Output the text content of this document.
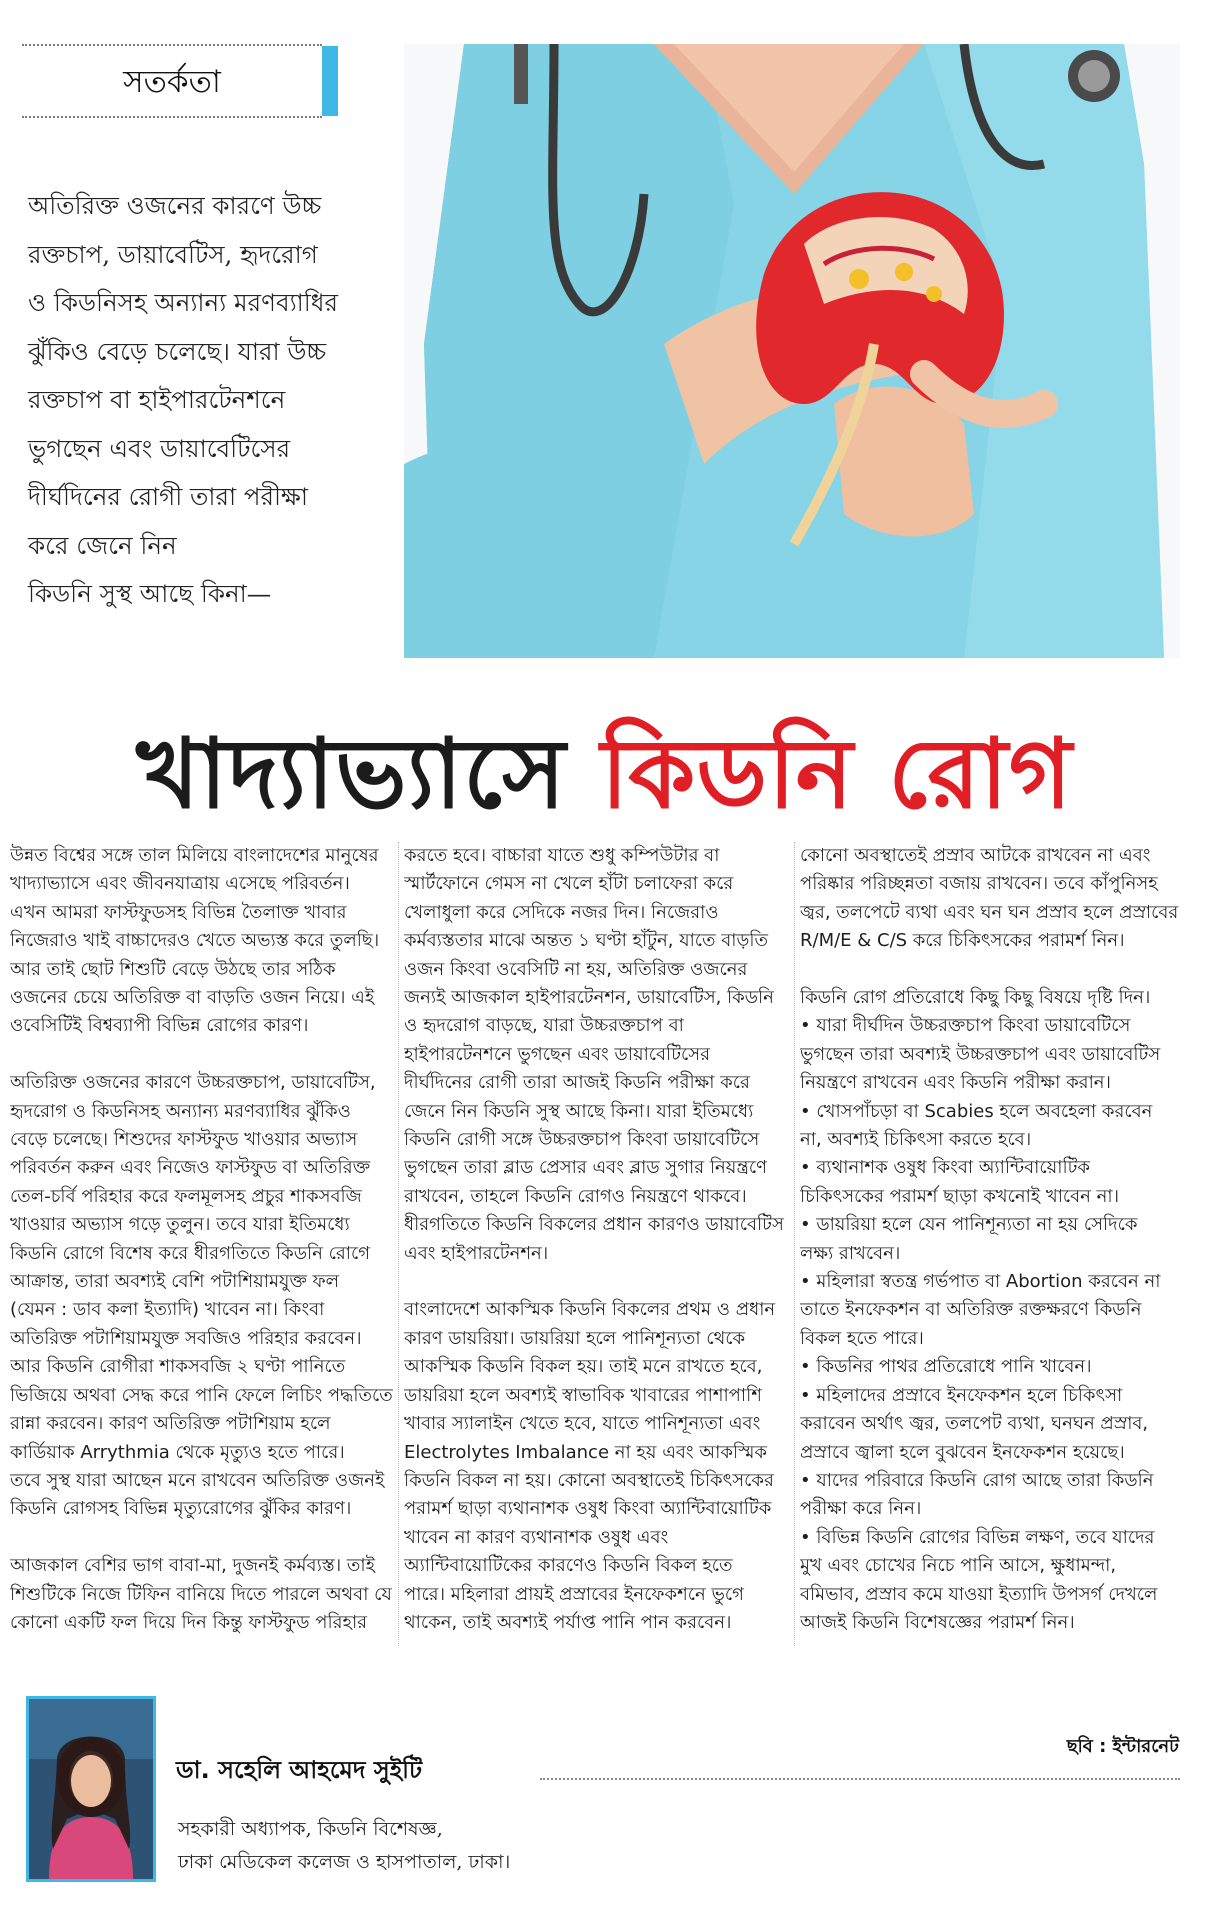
সতর্কতা
অতিরিক্ত ওজনের কারণে উচ্চ
রক্তচাপ, ডায়াবেটিস, হৃদরোগ
ও কিডনিসহ অন্যান্য মরণব্যাধির
ঝুঁকিও বেড়ে চলেছে। যারা উচ্চ
রক্তচাপ বা হাইপারটেনশনে
ভুগছেন এবং ডায়াবেটিসের
দীর্ঘদিনের রোগী তারা পরীক্ষা
করে জেনে নিন
কিডনি সুস্থ আছে কিনা—
খাদ্যাভ্যাসে কিডনি রোগ
উন্নত বিশ্বের সঙ্গে তাল মিলিয়ে বাংলাদেশের মানুষের
খাদ্যাভ্যাসে এবং জীবনযাত্রায় এসেছে পরিবর্তন।
এখন আমরা ফাস্টফুডসহ বিভিন্ন তৈলাক্ত খাবার
নিজেরাও খাই বাচ্চাদেরও খেতে অভ্যস্ত করে তুলছি।
আর তাই ছোট শিশুটি বেড়ে উঠছে তার সঠিক
ওজনের চেয়ে অতিরিক্ত বা বাড়তি ওজন নিয়ে। এই
ওবেসিটিই বিশ্বব্যাপী বিভিন্ন রোগের কারণ।
অতিরিক্ত ওজনের কারণে উচ্চরক্তচাপ, ডায়াবেটিস,
হৃদরোগ ও কিডনিসহ অন্যান্য মরণব্যাধির ঝুঁকিও
বেড়ে চলেছে। শিশুদের ফাস্টফুড খাওয়ার অভ্যাস
পরিবর্তন করুন এবং নিজেও ফাস্টফুড বা অতিরিক্ত
তেল-চর্বি পরিহার করে ফলমূলসহ প্রচুর শাকসবজি
খাওয়ার অভ্যাস গড়ে তুলুন। তবে যারা ইতিমধ্যে
কিডনি রোগে বিশেষ করে ধীরগতিতে কিডনি রোগে
আক্রান্ত, তারা অবশ্যই বেশি পটাশিয়ামযুক্ত ফল
(যেমন : ডাব কলা ইত্যাদি) খাবেন না। কিংবা
অতিরিক্ত পটাশিয়ামযুক্ত সবজিও পরিহার করবেন।
আর কিডনি রোগীরা শাকসবজি ২ ঘণ্টা পানিতে
ভিজিয়ে অথবা সেদ্ধ করে পানি ফেলে লিচিং পদ্ধতিতে
রান্না করবেন। কারণ অতিরিক্ত পটাশিয়াম হলে
কার্ডিয়াক Arrythmia থেকে মৃত্যুও হতে পারে।
তবে সুস্থ যারা আছেন মনে রাখবেন অতিরিক্ত ওজনই
কিডনি রোগসহ বিভিন্ন মৃত্যুরোগের ঝুঁকির কারণ।
আজকাল বেশির ভাগ বাবা-মা, দুজনই কর্মব্যস্ত। তাই
শিশুটিকে নিজে টিফিন বানিয়ে দিতে পারলে অথবা যে
কোনো একটি ফল দিয়ে দিন কিন্তু ফাস্টফুড পরিহার
করতে হবে। বাচ্চারা যাতে শুধু কম্পিউটার বা
স্মার্টফোনে গেমস না খেলে হাঁটা চলাফেরা করে
খেলাধুলা করে সেদিকে নজর দিন। নিজেরাও
কর্মব্যস্ততার মাঝে অন্তত ১ ঘণ্টা হাঁটুন, যাতে বাড়তি
ওজন কিংবা ওবেসিটি না হয়, অতিরিক্ত ওজনের
জন্যই আজকাল হাইপারটেনশন, ডায়াবেটিস, কিডনি
ও হৃদরোগ বাড়ছে, যারা উচ্চরক্তচাপ বা
হাইপারটেনশনে ভুগছেন এবং ডায়াবেটিসের
দীর্ঘদিনের রোগী তারা আজই কিডনি পরীক্ষা করে
জেনে নিন কিডনি সুস্থ আছে কিনা। যারা ইতিমধ্যে
কিডনি রোগী সঙ্গে উচ্চরক্তচাপ কিংবা ডায়াবেটিসে
ভুগছেন তারা ব্লাড প্রেসার এবং ব্লাড সুগার নিয়ন্ত্রণে
রাখবেন, তাহলে কিডনি রোগও নিয়ন্ত্রণে থাকবে।
ধীরগতিতে কিডনি বিকলের প্রধান কারণও ডায়াবেটিস
এবং হাইপারটেনশন।
বাংলাদেশে আকস্মিক কিডনি বিকলের প্রথম ও প্রধান
কারণ ডায়রিয়া। ডায়রিয়া হলে পানিশূন্যতা থেকে
আকস্মিক কিডনি বিকল হয়। তাই মনে রাখতে হবে,
ডায়রিয়া হলে অবশ্যই স্বাভাবিক খাবারের পাশাপাশি
খাবার স্যালাইন খেতে হবে, যাতে পানিশূন্যতা এবং
Electrolytes Imbalance না হয় এবং আকস্মিক
কিডনি বিকল না হয়। কোনো অবস্থাতেই চিকিৎসকের
পরামর্শ ছাড়া ব্যথানাশক ওষুধ কিংবা অ্যান্টিবায়োটিক
খাবেন না কারণ ব্যথানাশক ওষুধ এবং
অ্যান্টিবায়োটিকের কারণেও কিডনি বিকল হতে
পারে। মহিলারা প্রায়ই প্রস্রাবের ইনফেকশনে ভুগে
থাকেন, তাই অবশ্যই পর্যাপ্ত পানি পান করবেন।
কোনো অবস্থাতেই প্রস্রাব আটকে রাখবেন না এবং
পরিষ্কার পরিচ্ছন্নতা বজায় রাখবেন। তবে কাঁপুনিসহ
জ্বর, তলপেটে ব্যথা এবং ঘন ঘন প্রস্রাব হলে প্রস্রাবের
R/M/E & C/S করে চিকিৎসকের পরামর্শ নিন।
কিডনি রোগ প্রতিরোধে কিছু কিছু বিষয়ে দৃষ্টি দিন।
• যারা দীর্ঘদিন উচ্চরক্তচাপ কিংবা ডায়াবেটিসে
ভুগছেন তারা অবশ্যই উচ্চরক্তচাপ এবং ডায়াবেটিস
নিয়ন্ত্রণে রাখবেন এবং কিডনি পরীক্ষা করান।
• খোসপাঁচড়া বা Scabies হলে অবহেলা করবেন
না, অবশ্যই চিকিৎসা করতে হবে।
• ব্যথানাশক ওষুধ কিংবা অ্যান্টিবায়োটিক
চিকিৎসকের পরামর্শ ছাড়া কখনোই খাবেন না।
• ডায়রিয়া হলে যেন পানিশূন্যতা না হয় সেদিকে
লক্ষ্য রাখবেন।
• মহিলারা স্বতন্ত্র গর্ভপাত বা Abortion করবেন না
তাতে ইনফেকশন বা অতিরিক্ত রক্তক্ষরণে কিডনি
বিকল হতে পারে।
• কিডনির পাথর প্রতিরোধে পানি খাবেন।
• মহিলাদের প্রস্রাবে ইনফেকশন হলে চিকিৎসা
করাবেন অর্থাৎ জ্বর, তলপেট ব্যথা, ঘনঘন প্রস্রাব,
প্রস্রাবে জ্বালা হলে বুঝবেন ইনফেকশন হয়েছে।
• যাদের পরিবারে কিডনি রোগ আছে তারা কিডনি
পরীক্ষা করে নিন।
• বিভিন্ন কিডনি রোগের বিভিন্ন লক্ষণ, তবে যাদের
মুখ এবং চোখের নিচে পানি আসে, ক্ষুধামন্দা,
বমিভাব, প্রস্রাব কমে যাওয়া ইত্যাদি উপসর্গ দেখলে
আজই কিডনি বিশেষজ্ঞের পরামর্শ নিন।
ডা. সহেলি আহমেদ সুইটি
সহকারী অধ্যাপক, কিডনি বিশেষজ্ঞ,
ঢাকা মেডিকেল কলেজ ও হাসপাতাল, ঢাকা।
ছবি : ইন্টারনেট
